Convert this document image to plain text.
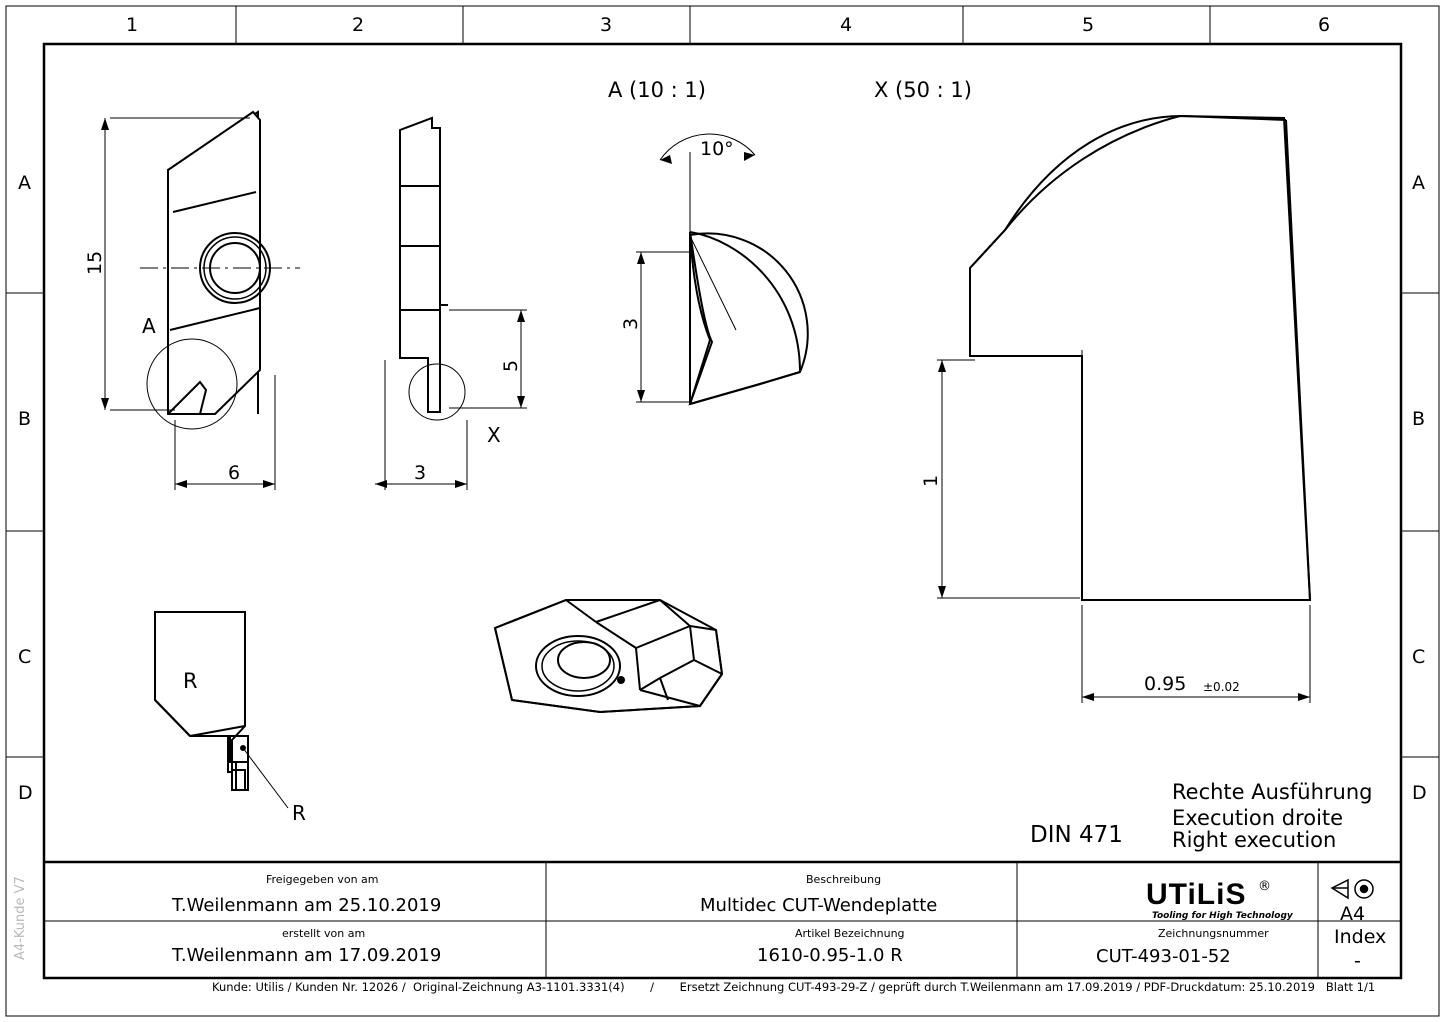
1	2	3	4	5	6
A
B
C
D
A
B
C
D
A4-Kunde V7
A (10 : 1)	X (50 : 1)
A
X
R
R
15
6	3
5
10°
3
1
0.95 ±0.02
DIN 471
Rechte Ausführung
Execution droite
Right execution
Freigegeben von am
T.Weilenmann am 25.10.2019
erstellt von am
T.Weilenmann am 17.09.2019
Beschreibung
Multidec CUT-Wendeplatte
Artikel Bezeichnung
1610-0.95-1.0 R
Zeichnungsnummer
CUT-493-01-52
UTiLiS ®
Tooling for High Technology A4
Index
-
Kunde: Utilis / Kunden Nr. 12026 /  Original-Zeichnung A3-1101.3331(4)       /       Ersetzt Zeichnung CUT-493-29-Z / geprüft durch T.Weilenmann am 17.09.2019 / PDF-Druckdatum: 25.10.2019   Blatt 1/1
